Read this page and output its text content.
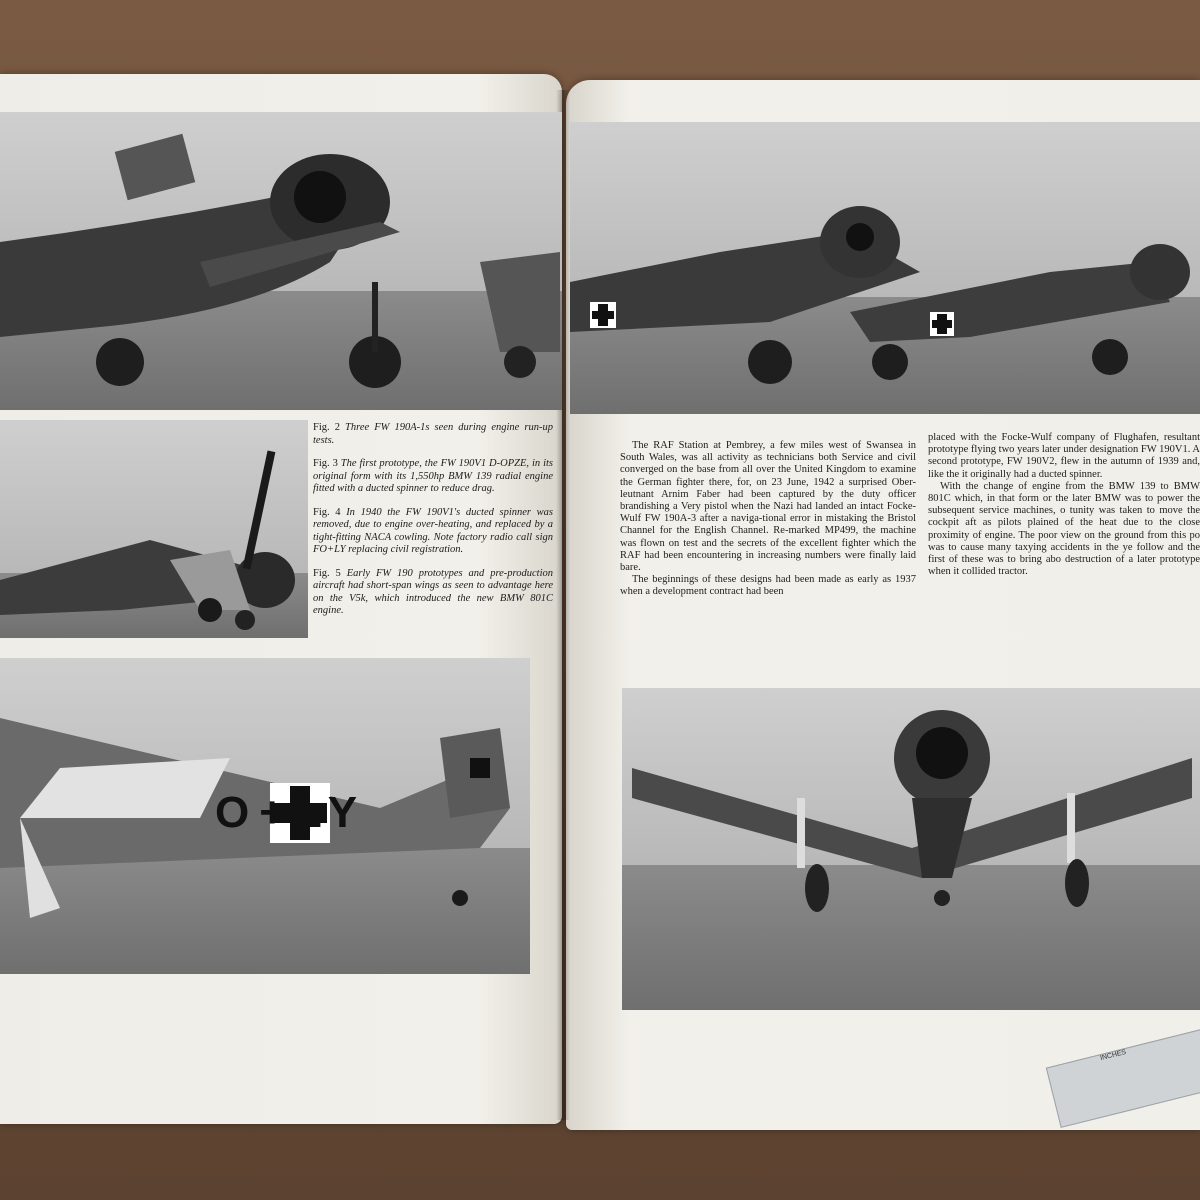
O+LY

Fig. 2 Three FW 190A-1s seen during engine run-up tests.

Fig. 3 The first prototype, the FW 190V1 D-OPZE, in its original form with its 1,550hp BMW 139 radial engine fitted with a ducted spinner to reduce drag.

Fig. 4 In 1940 the FW 190V1's ducted spinner was removed, due to engine over-heating, and replaced by a tight-fitting NACA cowling. Note factory radio call sign FO+LY replacing civil registration.

Fig. 5 Early FW 190 prototypes and pre-production aircraft had short-span wings as seen to advantage here on the V5k, which introduced the new BMW 801C engine.

The RAF Station at Pembrey, a few miles west of Swansea in South Wales, was all activity as technicians both Service and civil converged on the base from all over the United Kingdom to examine the German fighter there, for, on 23 June, 1942 a surprised Ober-leutnant Arnim Faber had been captured by the duty officer brandishing a Very pistol when the Nazi had landed an intact Focke-Wulf FW 190A-3 after a naviga-tional error in mistaking the Bristol Channel for the English Channel. Re-marked MP499, the machine was flown on test and the secrets of the excellent fighter which the RAF had been encountering in increasing numbers were finally laid bare.

The beginnings of these designs had been made as early as 1937 when a development contract had been

placed with the Focke-Wulf company of Flughafen, resultant prototype flying two years later under designation FW 190V1. A second prototype, FW 190V2, flew in the autumn of 1939 and, like the it originally had a ducted spinner.

With the change of engine from the BMW 139 to BMW 801C which, in that form or the later BMW was to power the subsequent service machines, o tunity was taken to move the cockpit aft as pilots plained of the heat due to the close proximity of engine. The poor view on the ground from this po was to cause many taxying accidents in the ye follow and the first of these was to bring abo destruction of a later prototype when it collided tractor.

INCHES
